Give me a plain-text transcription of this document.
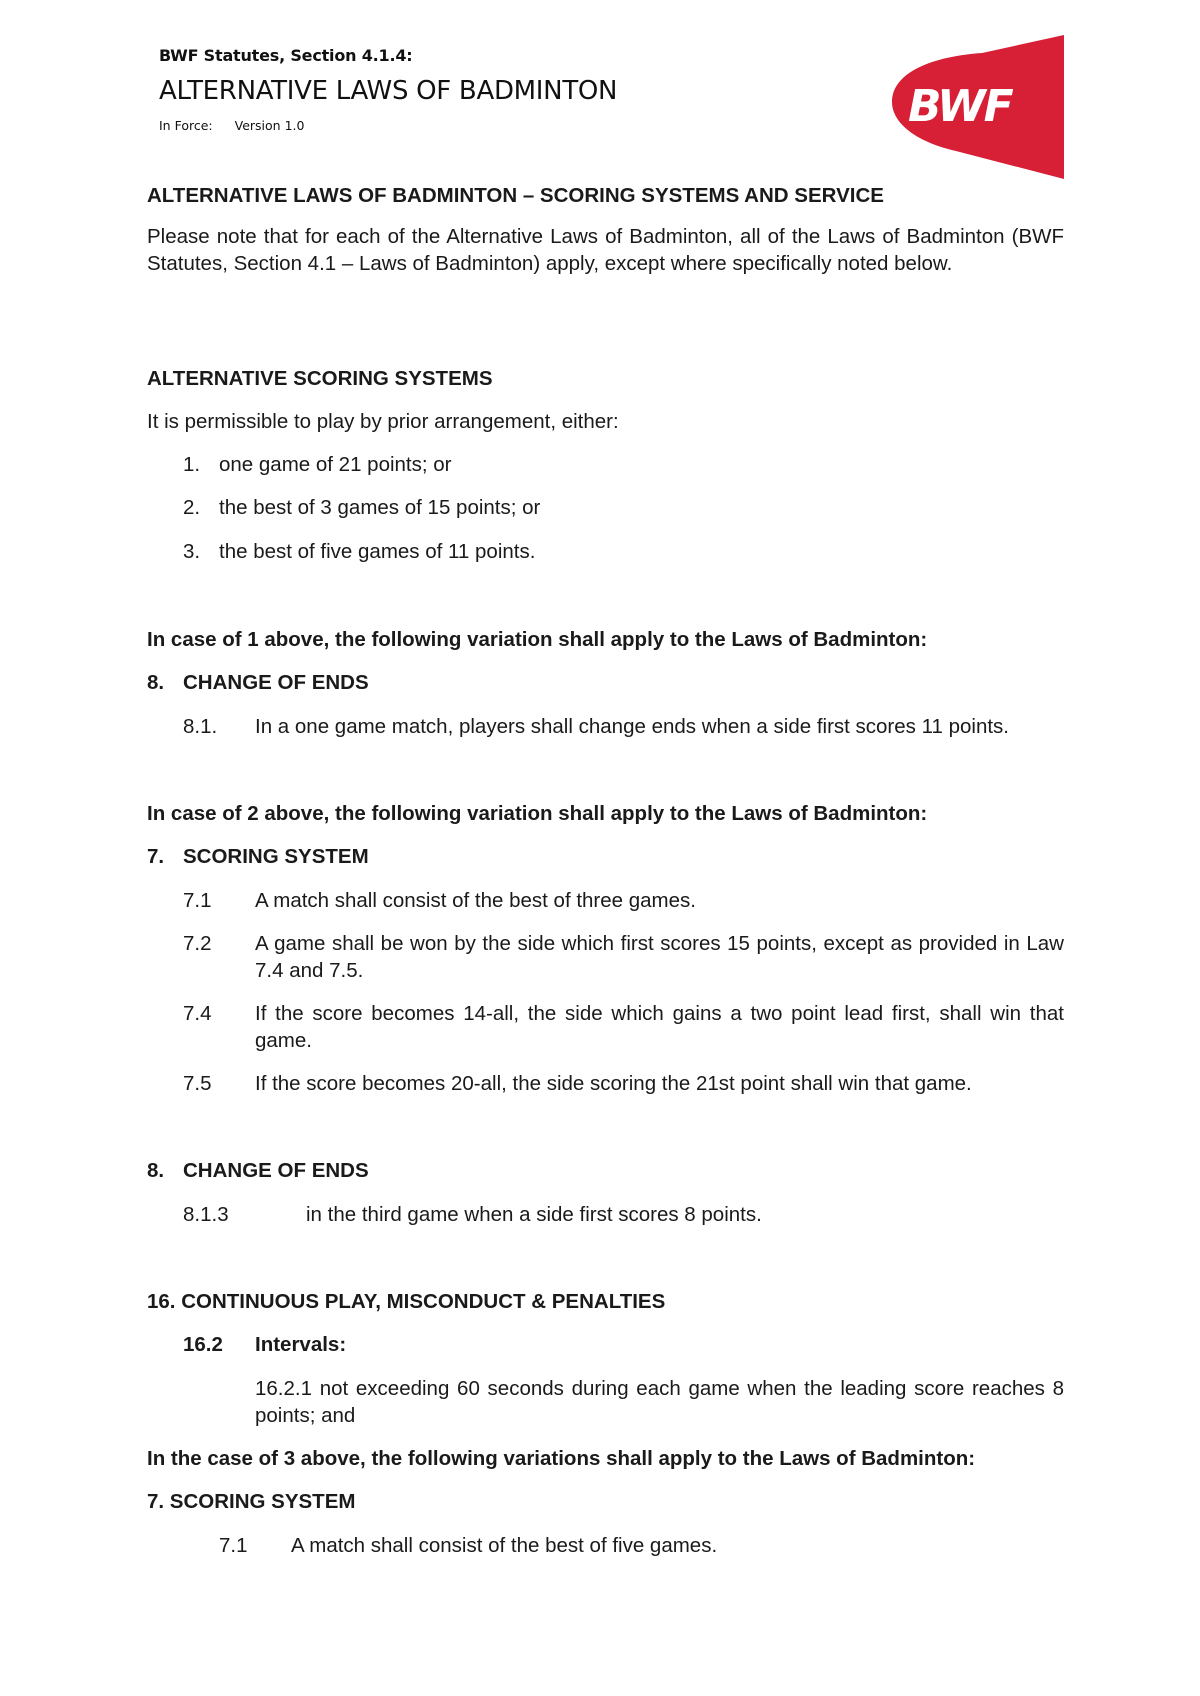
BWF Statutes, Section 4.1.4:
ALTERNATIVE LAWS OF BADMINTON
In Force: Version 1.0	BWF
ALTERNATIVE LAWS OF BADMINTON – SCORING SYSTEMS AND SERVICE
Please note that for each of the Alternative Laws of Badminton, all of the Laws of Badminton (BWF Statutes, Section 4.1 – Laws of Badminton) apply, except where specifically noted below.
ALTERNATIVE SCORING SYSTEMS
It is permissible to play by prior arrangement, either:
1. one game of 21 points; or
2. the best of 3 games of 15 points; or
3. the best of five games of 11 points.
In case of 1 above, the following variation shall apply to the Laws of Badminton:
8. CHANGE OF ENDS
8.1. In a one game match, players shall change ends when a side first scores 11 points.
In case of 2 above, the following variation shall apply to the Laws of Badminton:
7. SCORING SYSTEM
7.1 A match shall consist of the best of three games.
7.2 A game shall be won by the side which first scores 15 points, except as provided in Law 7.4 and 7.5.
7.4 If the score becomes 14-all, the side which gains a two point lead first, shall win that game.
7.5 If the score becomes 20-all, the side scoring the 21st point shall win that game.
8. CHANGE OF ENDS
8.1.3	in the third game when a side first scores 8 points.
16. CONTINUOUS PLAY, MISCONDUCT & PENALTIES
16.2 Intervals:
16.2.1 not exceeding 60 seconds during each game when the leading score reaches 8 points; and
In the case of 3 above, the following variations shall apply to the Laws of Badminton:
7. SCORING SYSTEM
7.1 A match shall consist of the best of five games.
